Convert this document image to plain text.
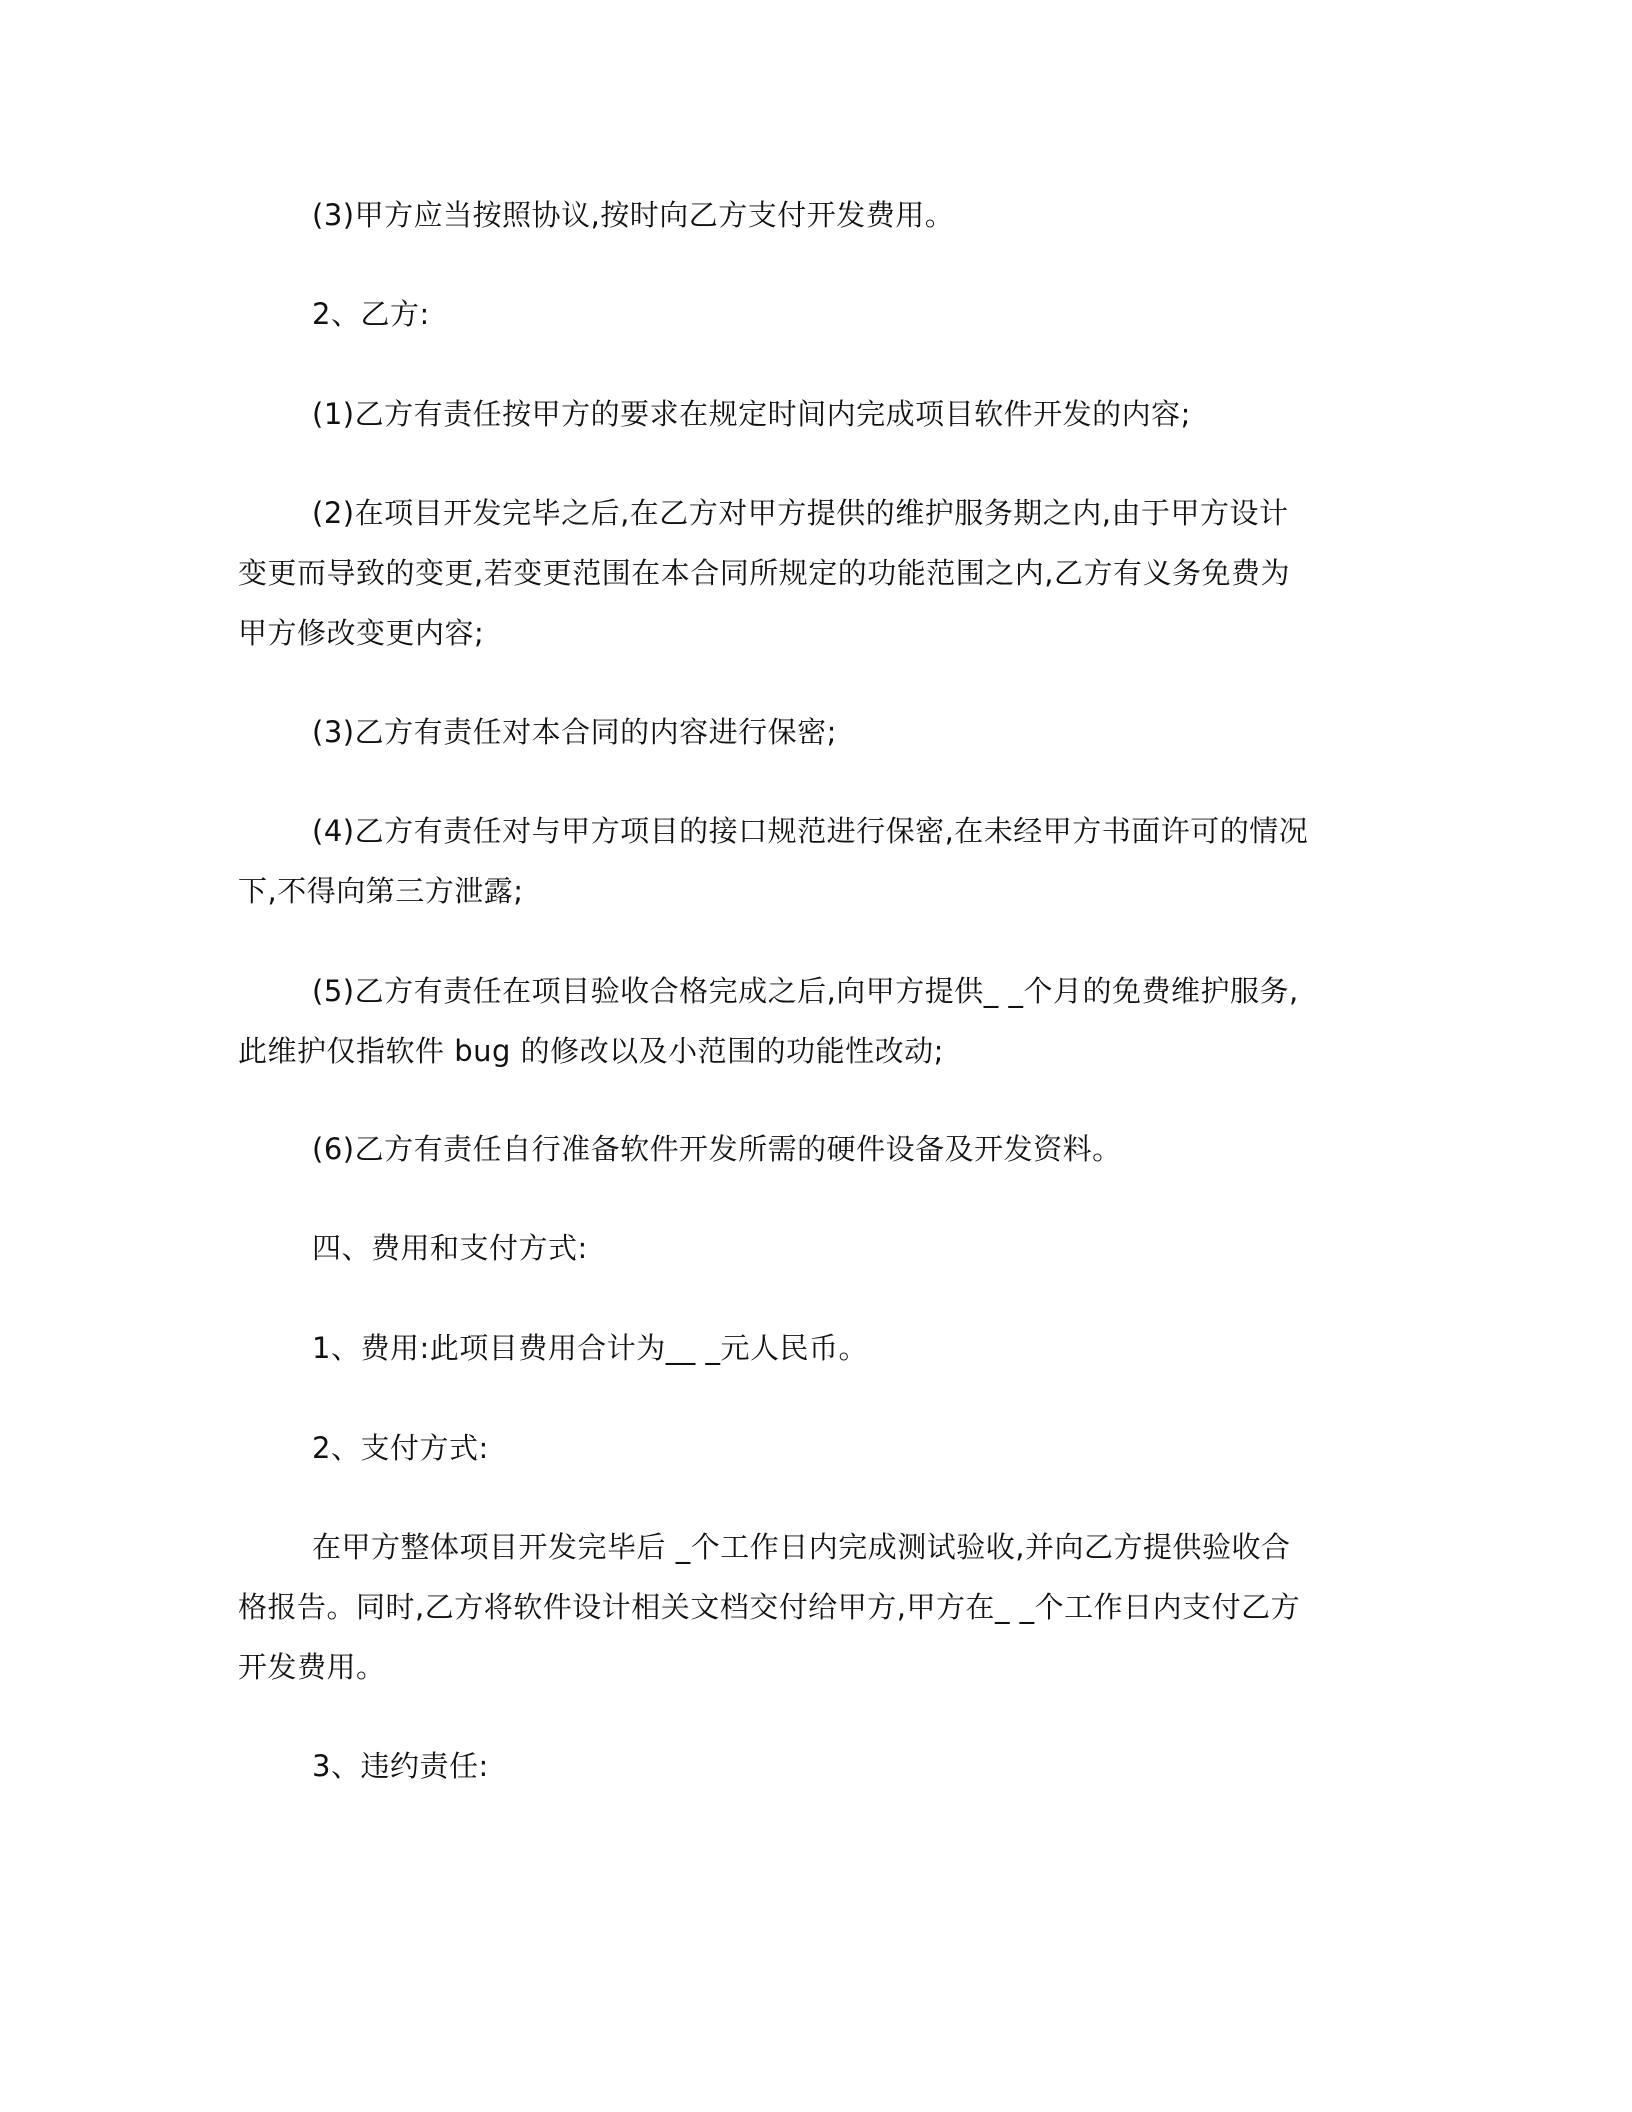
(3)甲方应当按照协议,按时向乙方支付开发费用。

2、乙方:

(1)乙方有责任按甲方的要求在规定时间内完成项目软件开发的内容;

(2)在项目开发完毕之后,在乙方对甲方提供的维护服务期之内,由于甲方设计
变更而导致的变更,若变更范围在本合同所规定的功能范围之内,乙方有义务免费为
甲方修改变更内容;

(3)乙方有责任对本合同的内容进行保密;

(4)乙方有责任对与甲方项目的接口规范进行保密,在未经甲方书面许可的情况
下,不得向第三方泄露;

(5)乙方有责任在项目验收合格完成之后,向甲方提供_ _个月的免费维护服务,
此维护仅指软件 bug 的修改以及小范围的功能性改动;

(6)乙方有责任自行准备软件开发所需的硬件设备及开发资料。

四、费用和支付方式:

1、费用:此项目费用合计为__ _元人民币。

2、支付方式:

在甲方整体项目开发完毕后 _个工作日内完成测试验收,并向乙方提供验收合
格报告。同时,乙方将软件设计相关文档交付给甲方,甲方在_ _个工作日内支付乙方
开发费用。

3、违约责任:
